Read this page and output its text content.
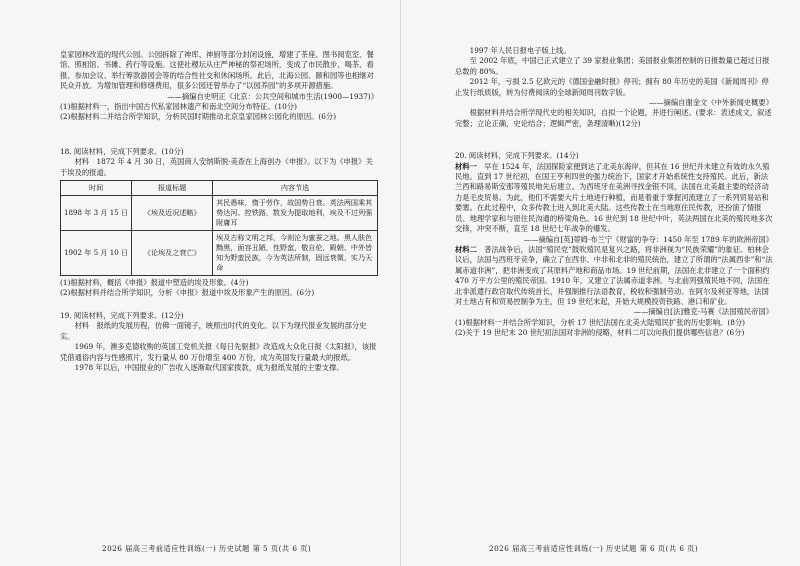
皇家园林改造的现代公园。公园拆除了神库、神厨等部分封闭设施，增建了茶座、图书阅览室、餐馆、照相馆、书摊、药行等设施。这使社稷坛从庄严神秘的祭祀场所，变成了市民散步、喝茶、看报、参加会议、举行筹款游园会等的结合性社交和休闲场所。此后，北海公园、颐和园等也相继对民众开放。为增加管理和修缮费用，很多公园还曾举办了“以园养园”的多项开源措施。

——摘编自史明正《北京：公共空间和城市生活(1900—1937)》

(1)根据材料一，指出中国古代私家园林遗产和南北空间分布特征。(10分)

(2)根据材料二并结合所学知识，分析民国时期推动北京皇家园林公园化的原因。(6分)

18. 阅读材料，完成下列要求。(10分)

材料　1872 年 4 月 30 日，英国商人安纳斯脱·美查在上海创办《申报》。以下为《申报》关于埃及的报道。

时间	报道标题	内容节选
1898 年 3 月 15 日	《埃及近况述略》	其民愚味，惰于劳作，故国势日衰。英法两国乘其势达河、控铁路，数发为提取地利，埃及不过列强附庸耳
1902 年 5 月 10 日	《论埃及之衰亡》	埃及古称文明之邦，今则沦为蜜蚕之地。黑人肤色黝黑，面容丑陋，性野蛮，敬自伦，殿朝、中外皆知为野蛮民族，今为英法所制，固远衰微，实乃天命

(1)根据材料，概括《申报》报道中塑造的埃及形象。(4分)

(2)根据材料并结合所学知识，分析《申报》报道中埃及形象产生的原因。(6分)

19. 阅读材料，完成下列要求。(12分)

材料　报纸的发展历程，仿佛一面镜子，映照出时代的变化。以下为现代报业发展的部分史实。

1969 年，澳多克德收购的英国工党机关报《每日先驱报》改造成大众化日报《太阳报》，该报凭借通俗内容与性感照片，发行量从 80 万份增至 400 万份，成为英国发行量最大的报纸。

1978 年以后，中国报业的广告收入逐渐取代国家拨款，成为报纸发展的主要支撑。

2026 届高三考前适应性训练(一) 历史试题 第 5 页(共 6 页)	2026 届高三考前适应性训练(一) 历史试题 第 6 页(共 6 页)

1997 年人民日报电子版上线。

至 2002 年底，中国已正式建立了 39 家报业集团；美国报业集团控制的日报数量已超过日报总数的 80%。

2012 年，亏损 2.5 亿欧元的《德国金融时报》停刊；拥有 80 年历史的美国《新闻周刊》停止发行纸质版，转为付费阅读的全球新闻周刊数字版。

——摘编自谢金文《中外新闻史概要》

根据材料并结合所学现代史的相关知识，自拟一个论题，并进行阐述。(要求：表述成文，叙述完整；立论正确，史论结合；逻辑严密，条理清晰)(12分)

20. 阅读材料，完成下列要求。(14分)

材料一　 早在 1524 年，法国探险家便到达了北美东海岸，但其在 16 世纪并未建立有效的永久殖民地。直到 17 世纪初，在国王亨利四世的强力统治下，国家才开始系统性支持殖民。此后，新法兰西和路易斯安那等殖民地先后建立。为西班牙在美洲寻找金银不同，法国在北美最主要的经济动力是毛皮贸易。为此，他们不需要大片土地进行种植，而是着重于掌握河流建立了一系列贸易站和要塞。在此过程中，众多传教士进入到北美大陆。这些传教士在当地原住民传教，还扮演了情报员、地理学家和与原住民沟通的桥梁角色。16 世纪到 18 世纪中叶，英法两国在北美的殖民地多次交锋，冲突不断，直至 18 世纪七年战争的爆发。

——摘编自[英]蒂姆·布兰宁《财富的争夺：1450 年至 1789 年的欧洲帝国》

材料二　 普法战争后，法国“殖民党”鼓吹殖民是复兴之路，将非洲视为“民族荣耀”的象征。柏林会议后，法国与西班牙竞争，确立了在西非、中非和北非的殖民统治，建立了所谓的“法属西非”和“法属赤道非洲”，把非洲变成了其原料产地和商品市场。19 世纪前期，法国在北非建立了一个面积约 470 万平方公里的殖民帝国。1910 年，又建立了法属赤道非洲。与北前列强殖民地不同，法国在北非派遣行政官取代传统首长，并强制推行法语教育，税收和强制劳动。在阿尔及利亚等地，法国对土地占有和贸易控制争为主，但 19 世纪末起，开始大规模投资铁路、港口和矿业。

——摘编自[法]雅克·马赛《法国殖民帝国》

(1)根据材料一并结合所学知识，分析 17 世纪法国在北美大陆殖民扩张的历史影响。(8分)

(2)关于 19 世纪末 20 世纪初法国对非洲的侵略，材料二可以向我们提供哪些信息？(6分)
